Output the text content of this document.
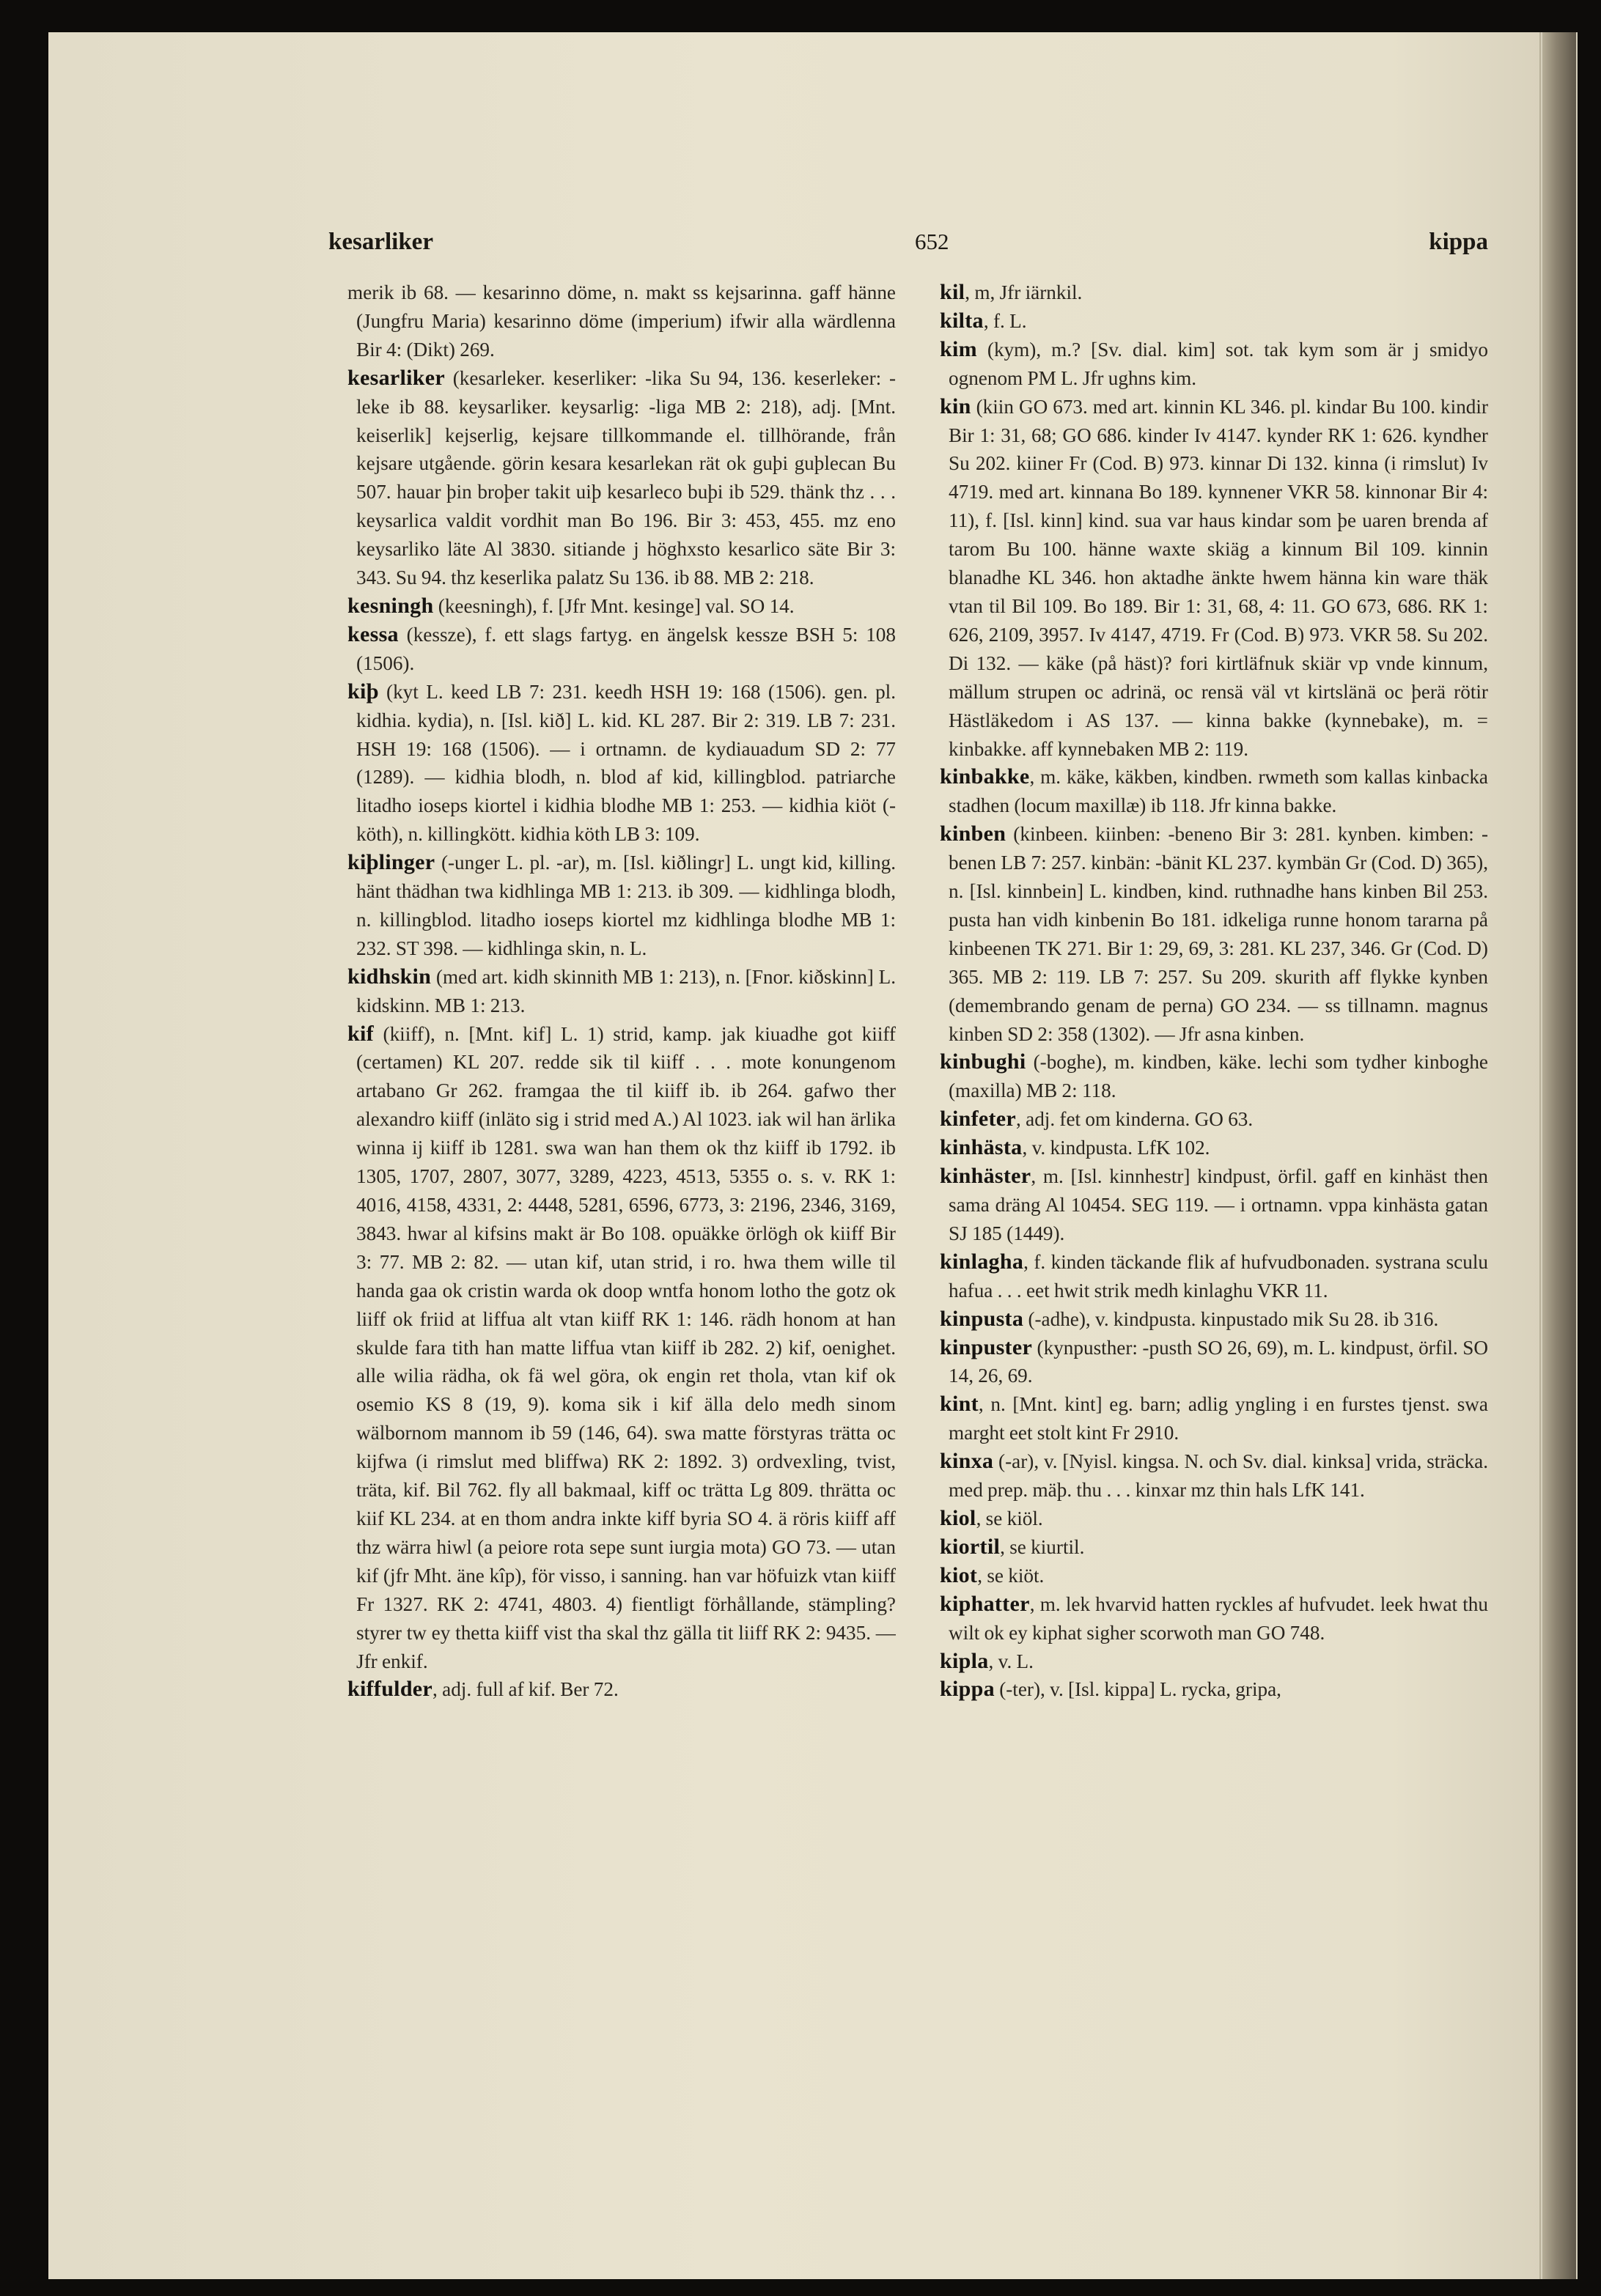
kesarliker	652	kippa

merik ib 68. — kesarinno döme, n. makt ss kejsarinna. gaff hänne (Jungfru Maria) kesarinno döme (imperium) ifwir alla wärdlenna Bir 4: (Dikt) 269.

kesarliker (kesarleker. keserliker: -lika Su 94, 136. keserleker: -leke ib 88. keysarliker. keysarlig: -liga MB 2: 218), adj. [Mnt. keiserlik] kejserlig, kejsare tillkommande el. tillhörande, från kejsare utgående. görin kesara kesarlekan rät ok guþi guþlecan Bu 507. hauar þin broþer takit uiþ kesarleco buþi ib 529. thänk thz . . . keysarlica valdit vordhit man Bo 196. Bir 3: 453, 455. mz eno keysarliko läte Al 3830. sitiande j höghxsto kesarlico säte Bir 3: 343. Su 94. thz keserlika palatz Su 136. ib 88. MB 2: 218.

kesningh (keesningh), f. [Jfr Mnt. kesinge] val. SO 14.

kessa (kessze), f. ett slags fartyg. en ängelsk kessze BSH 5: 108 (1506).

kiþ (kyt L. keed LB 7: 231. keedh HSH 19: 168 (1506). gen. pl. kidhia. kydia), n. [Isl. kið] L. kid. KL 287. Bir 2: 319. LB 7: 231. HSH 19: 168 (1506). — i ortnamn. de kydiauadum SD 2: 77 (1289). — kidhia blodh, n. blod af kid, killingblod. patriarche litadho ioseps kiortel i kidhia blodhe MB 1: 253. — kidhia kiöt (-köth), n. killingkött. kidhia köth LB 3: 109.

kiþlinger (-unger L. pl. -ar), m. [Isl. kiðlingr] L. ungt kid, killing. hänt thädhan twa kidhlinga MB 1: 213. ib 309. — kidhlinga blodh, n. killingblod. litadho ioseps kiortel mz kidhlinga blodhe MB 1: 232. ST 398. — kidhlinga skin, n. L.

kidhskin (med art. kidh skinnith MB 1: 213), n. [Fnor. kiðskinn] L. kidskinn. MB 1: 213.

kif (kiiff), n. [Mnt. kif] L. 1) strid, kamp. jak kiuadhe got kiiff (certamen) KL 207. redde sik til kiiff . . . mote konungenom artabano Gr 262. framgaa the til kiiff ib. ib 264. gafwo ther alexandro kiiff (inläto sig i strid med A.) Al 1023. iak wil han ärlika winna ij kiiff ib 1281. swa wan han them ok thz kiiff ib 1792. ib 1305, 1707, 2807, 3077, 3289, 4223, 4513, 5355 o. s. v. RK 1: 4016, 4158, 4331, 2: 4448, 5281, 6596, 6773, 3: 2196, 2346, 3169, 3843. hwar al kifsins makt är Bo 108. opuäkke örlögh ok kiiff Bir 3: 77. MB 2: 82. — utan kif, utan strid, i ro. hwa them wille til handa gaa ok cristin warda ok doop wntfa honom lotho the gotz ok liiff ok friid at liffua alt vtan kiiff RK 1: 146. rädh honom at han skulde fara tith han matte liffua vtan kiiff ib 282. 2) kif, oenighet. alle wilia rädha, ok fä wel göra, ok engin ret thola, vtan kif ok osemio KS 8 (19, 9). koma sik i kif älla delo medh sinom wälbornom mannom ib 59 (146, 64). swa matte förstyras trätta oc kijfwa (i rimslut med bliffwa) RK 2: 1892. 3) ordvexling, tvist, träta, kif. Bil 762. fly all bakmaal, kiff oc trätta Lg 809. thrätta oc kiif KL 234. at en thom andra inkte kiff byria SO 4. ä röris kiiff aff thz wärra hiwl (a peiore rota sepe sunt iurgia mota) GO 73. — utan kif (jfr Mht. äne kîp), för visso, i sanning. han var höfuizk vtan kiiff Fr 1327. RK 2: 4741, 4803. 4) fientligt förhållande, stämpling? styrer tw ey thetta kiiff vist tha skal thz gälla tit liiff RK 2: 9435. — Jfr enkif.

kiffulder, adj. full af kif. Ber 72.

kil, m, Jfr iärnkil.

kilta, f. L.

kim (kym), m.? [Sv. dial. kim] sot. tak kym som är j smidyo ognenom PM L. Jfr ughns kim.

kin (kiin GO 673. med art. kinnin KL 346. pl. kindar Bu 100. kindir Bir 1: 31, 68; GO 686. kinder Iv 4147. kynder RK 1: 626. kyndher Su 202. kiiner Fr (Cod. B) 973. kinnar Di 132. kinna (i rimslut) Iv 4719. med art. kinnana Bo 189. kynnener VKR 58. kinnonar Bir 4: 11), f. [Isl. kinn] kind. sua var haus kindar som þe uaren brenda af tarom Bu 100. hänne waxte skiäg a kinnum Bil 109. kinnin blanadhe KL 346. hon aktadhe änkte hwem hänna kin ware thäk vtan til Bil 109. Bo 189. Bir 1: 31, 68, 4: 11. GO 673, 686. RK 1: 626, 2109, 3957. Iv 4147, 4719. Fr (Cod. B) 973. VKR 58. Su 202. Di 132. — käke (på häst)? fori kirtläfnuk skiär vp vnde kinnum, mällum strupen oc adrinä, oc rensä väl vt kirtslänä oc þerä rötir Hästläkedom i AS 137. — kinna bakke (kynnebake), m. = kinbakke. aff kynnebaken MB 2: 119.

kinbakke, m. käke, käkben, kindben. rwmeth som kallas kinbacka stadhen (locum maxillæ) ib 118. Jfr kinna bakke.

kinben (kinbeen. kiinben: -beneno Bir 3: 281. kynben. kimben: -benen LB 7: 257. kinbän: -bänit KL 237. kymbän Gr (Cod. D) 365), n. [Isl. kinnbein] L. kindben, kind. ruthnadhe hans kinben Bil 253. pusta han vidh kinbenin Bo 181. idkeliga runne honom tararna på kinbeenen TK 271. Bir 1: 29, 69, 3: 281. KL 237, 346. Gr (Cod. D) 365. MB 2: 119. LB 7: 257. Su 209. skurith aff flykke kynben (demembrando genam de perna) GO 234. — ss tillnamn. magnus kinben SD 2: 358 (1302). — Jfr asna kinben.

kinbughi (-boghe), m. kindben, käke. lechi som tydher kinboghe (maxilla) MB 2: 118.

kinfeter, adj. fet om kinderna. GO 63.

kinhästa, v. kindpusta. LfK 102.

kinhäster, m. [Isl. kinnhestr] kindpust, örfil. gaff en kinhäst then sama dräng Al 10454. SEG 119. — i ortnamn. vppa kinhästa gatan SJ 185 (1449).

kinlagha, f. kinden täckande flik af hufvudbonaden. systrana sculu hafua . . . eet hwit strik medh kinlaghu VKR 11.

kinpusta (-adhe), v. kindpusta. kinpustado mik Su 28. ib 316.

kinpuster (kynpusther: -pusth SO 26, 69), m. L. kindpust, örfil. SO 14, 26, 69.

kint, n. [Mnt. kint] eg. barn; adlig yngling i en furstes tjenst. swa marght eet stolt kint Fr 2910.

kinxa (-ar), v. [Nyisl. kingsa. N. och Sv. dial. kinksa] vrida, sträcka. med prep. mäþ. thu . . . kinxar mz thin hals LfK 141.

kiol, se kiöl.

kiortil, se kiurtil.

kiot, se kiöt.

kiphatter, m. lek hvarvid hatten ryckles af hufvudet. leek hwat thu wilt ok ey kiphat sigher scorwoth man GO 748.

kipla, v. L.

kippa (-ter), v. [Isl. kippa] L. rycka, gripa,
